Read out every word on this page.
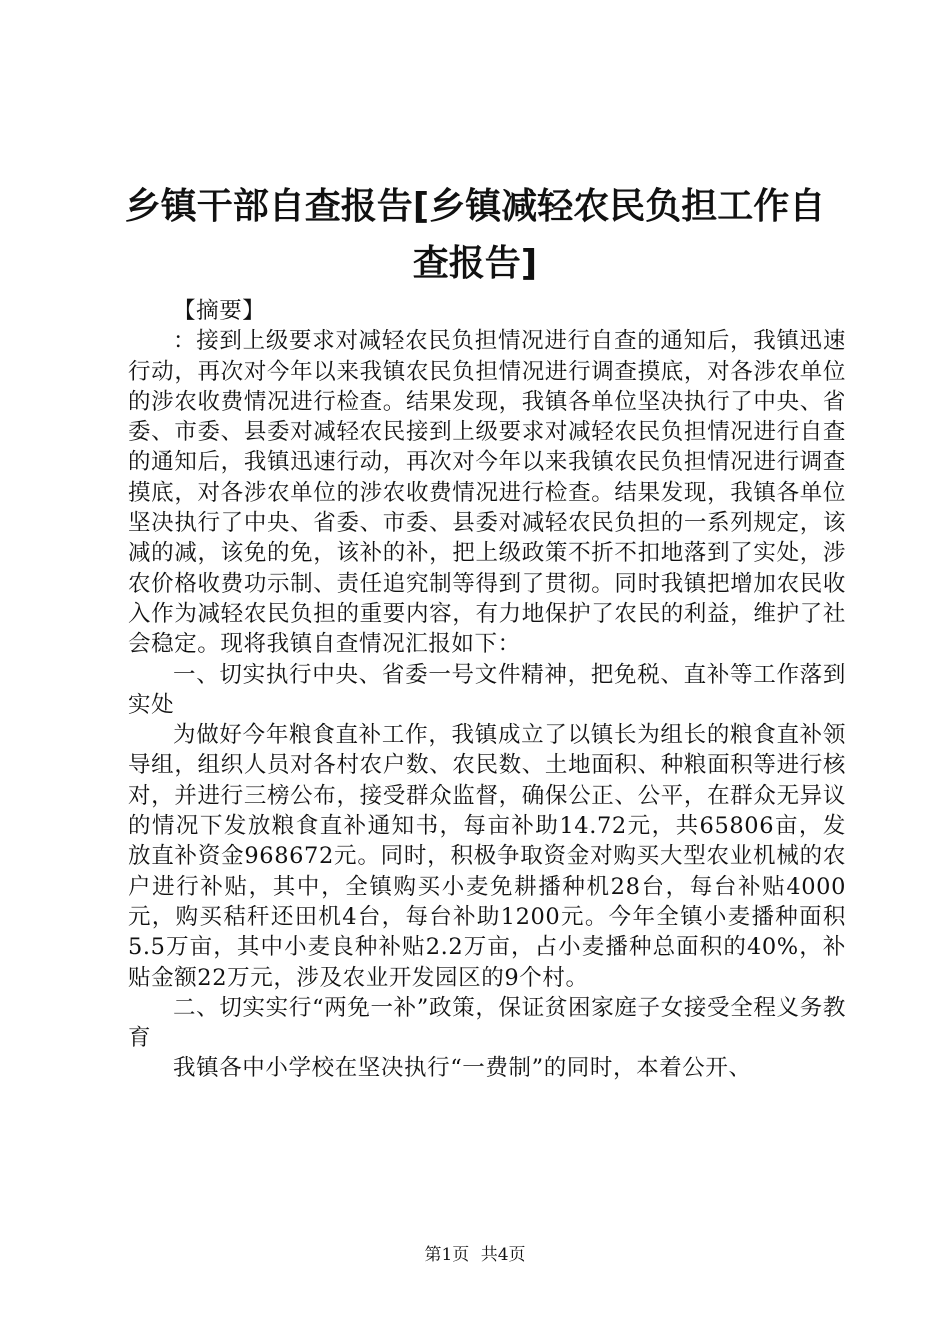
乡镇干部自查报告[乡镇减轻农民负担工作自查报告]

【摘要】

：接到上级要求对减轻农民负担情况进行自查的通知后，我镇迅速行动，再次对今年以来我镇农民负担情况进行调查摸底，对各涉农单位的涉农收费情况进行检查。结果发现，我镇各单位坚决执行了中央、省委、市委、县委对减轻农民接到上级要求对减轻农民负担情况进行自查的通知后，我镇迅速行动，再次对今年以来我镇农民负担情况进行调查摸底，对各涉农单位的涉农收费情况进行检查。结果发现，我镇各单位坚决执行了中央、省委、市委、县委对减轻农民负担的一系列规定，该减的减，该免的免，该补的补，把上级政策不折不扣地落到了实处，涉农价格收费功示制、责任追究制等得到了贯彻。同时我镇把增加农民收入作为减轻农民负担的重要内容，有力地保护了农民的利益，维护了社会稳定。现将我镇自查情况汇报如下：

一、切实执行中央、省委一号文件精神，把免税、直补等工作落到实处

为做好今年粮食直补工作，我镇成立了以镇长为组长的粮食直补领导组，组织人员对各村农户数、农民数、土地面积、种粮面积等进行核对，并进行三榜公布，接受群众监督，确保公正、公平，在群众无异议的情况下发放粮食直补通知书，每亩补助14.72元，共65806亩，发放直补资金968672元。同时，积极争取资金对购买大型农业机械的农户进行补贴，其中，全镇购买小麦免耕播种机28台，每台补贴4000元，购买秸秆还田机4台，每台补助1200元。今年全镇小麦播种面积5.5万亩，其中小麦良种补贴2.2万亩，占小麦播种总面积的40%，补贴金额22万元，涉及农业开发园区的9个村。

二、切实实行“两免一补”政策，保证贫困家庭子女接受全程义务教育

我镇各中小学校在坚决执行“一费制”的同时，本着公开、

第1页 共4页
